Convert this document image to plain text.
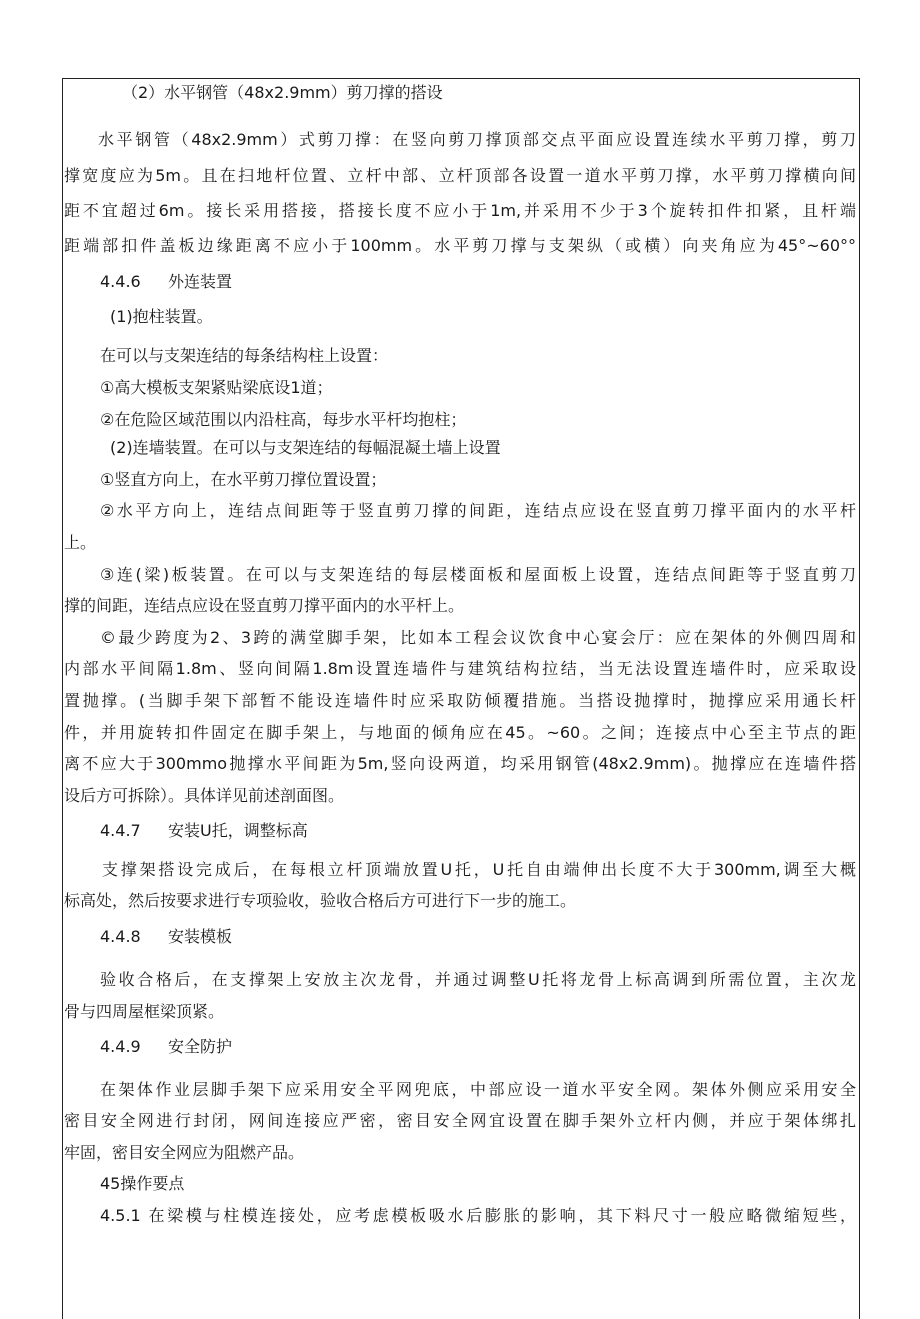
（2）水平钢管（48x2.9mm）剪刀撑的搭设
水平钢管（48x2.9mm）式剪刀撑：在竖向剪刀撑顶部交点平面应设置连续水平剪刀撑，剪刀
撑宽度应为5m。且在扫地杆位置、立杆中部、立杆顶部各设置一道水平剪刀撑，水平剪刀撑横向间
距不宜超过6m。接长采用搭接，搭接长度不应小于1m,并采用不少于3个旋转扣件扣紧，且杆端
距端部扣件盖板边缘距离不应小于100mm。水平剪刀撑与支架纵（或横）向夹角应为45°~60°°
4.4.6 外连装置
(1)抱柱装置。
在可以与支架连结的每条结构柱上设置：
①高大模板支架紧贴梁底设1道；
②在危险区域范围以内沿柱高，每步水平杆均抱柱；
(2)连墙装置。在可以与支架连结的每幅混凝土墙上设置
①竖直方向上，在水平剪刀撑位置设置；
②水平方向上，连结点间距等于竖直剪刀撑的间距，连结点应设在竖直剪刀撑平面内的水平杆
上。
③连(梁)板装置。在可以与支架连结的每层楼面板和屋面板上设置，连结点间距等于竖直剪刀
撑的间距，连结点应设在竖直剪刀撑平面内的水平杆上。
©最少跨度为2、3跨的满堂脚手架，比如本工程会议饮食中心宴会厅：应在架体的外侧四周和
内部水平间隔1.8m、竖向间隔1.8m设置连墙件与建筑结构拉结，当无法设置连墙件时，应采取设
置抛撑。(当脚手架下部暂不能设连墙件时应采取防倾覆措施。当搭设抛撑时，抛撑应采用通长杆
件，并用旋转扣件固定在脚手架上，与地面的倾角应在45。~60。之间；连接点中心至主节点的距
离不应大于300mmo抛撑水平间距为5m,竖向设两道，均采用钢管(48x2.9mm)。抛撑应在连墙件搭
设后方可拆除）。具体详见前述剖面图。
4.4.7 安装U托，调整标高
支撑架搭设完成后，在每根立杆顶端放置U托，U托自由端伸出长度不大于300mm,调至大概
标高处，然后按要求进行专项验收，验收合格后方可进行下一步的施工。
4.4.8 安装模板
验收合格后，在支撑架上安放主次龙骨，并通过调整U托将龙骨上标高调到所需位置，主次龙
骨与四周屋框梁顶紧。
4.4.9 安全防护
在架体作业层脚手架下应采用安全平网兜底，中部应设一道水平安全网。架体外侧应采用安全
密目安全网进行封闭，网间连接应严密，密目安全网宜设置在脚手架外立杆内侧，并应于架体绑扎
牢固，密目安全网应为阻燃产品。
45操作要点
4.5.1 在梁模与柱模连接处，应考虑模板吸水后膨胀的影响，其下料尺寸一般应略微缩短些，
